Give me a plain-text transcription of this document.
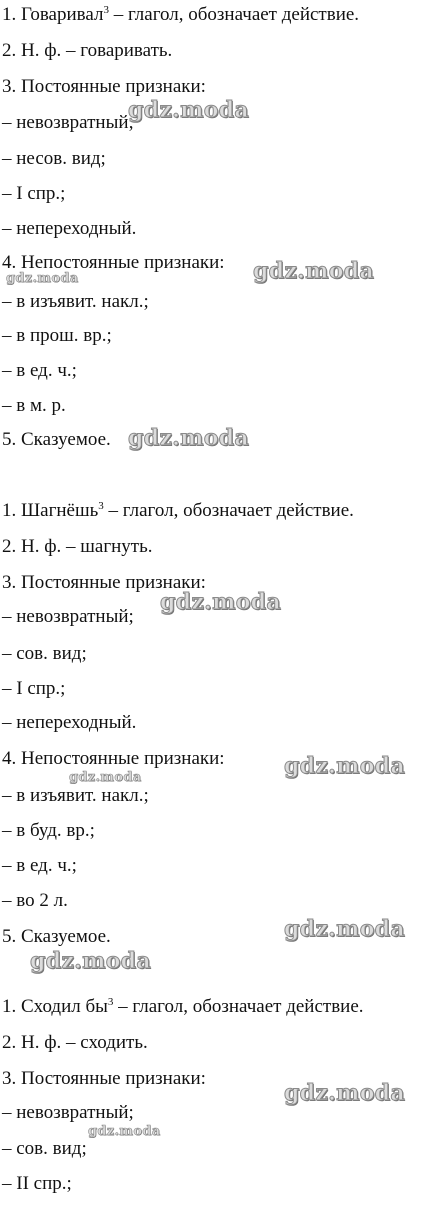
1. Говаривал$^3$ – глагол, обозначает действие.
2. Н. ф. – говаривать.
3. Постоянные признаки:
– невозвратный;
– несов. вид;
– I спр.;
– непереходный.
4. Непостоянные признаки:
– в изъявит. накл.;
– в прош. вр.;
– в ед. ч.;
– в м. р.
5. Сказуемое.
1. Шагнёшь$^3$ – глагол, обозначает действие.
2. Н. ф. – шагнуть.
3. Постоянные признаки:
– невозвратный;
– сов. вид;
– I спр.;
– непереходный.
4. Непостоянные признаки:
– в изъявит. накл.;
– в буд. вр.;
– в ед. ч.;
– во 2 л.
5. Сказуемое.
1. Сходил $бы^3$ – глагол, обозначает действие.
2. Н. ф. – сходить.
3. Постоянные признаки:
– невозвратный;
– сов. вид;
– II спр.;
gdz.moda
gdz.moda	gdz.moda
gdz.moda
gdz.moda
gdz.moda	gdz.moda
gdz.moda
gdz.moda
gdz.moda
gdz.moda
